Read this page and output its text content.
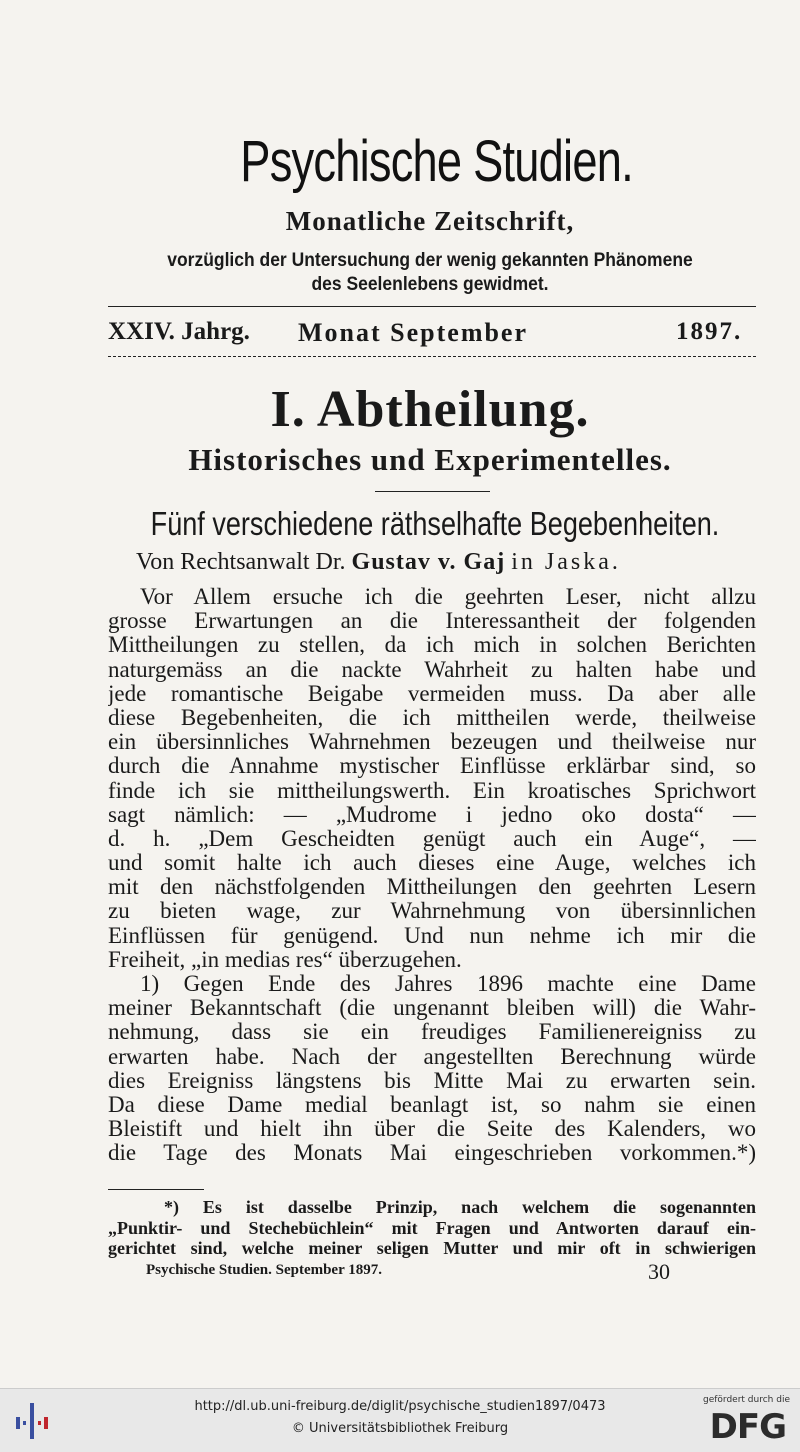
Psychische Studien.
Monatliche Zeitschrift,
vorzüglich der Untersuchung der wenig gekannten Phänomene
des Seelenlebens gewidmet.
XXIV. Jahrg. Monat September	1897.
I. Abtheilung.
Historisches und Experimentelles.
Fünf verschiedene räthselhafte Begebenheiten.
Von Rechtsanwalt Dr. Gustav v. Gaj in Jaska.
Vor Allem ersuche ich die geehrten Leser, nicht allzu
grosse Erwartungen an die Interessantheit der folgenden
Mittheilungen zu stellen, da ich mich in solchen Berichten
naturgemäss an die nackte Wahrheit zu halten habe und
jede romantische Beigabe vermeiden muss. Da aber alle
diese Begebenheiten, die ich mittheilen werde, theilweise
ein übersinnliches Wahrnehmen bezeugen und theilweise nur
durch die Annahme mystischer Einflüsse erklärbar sind, so
finde ich sie mittheilungswerth. Ein kroatisches Sprichwort
sagt nämlich: — „Mudrome i jedno oko dosta“ —
d. h. „Dem Gescheidten genügt auch ein Auge“, —
und somit halte ich auch dieses eine Auge, welches ich
mit den nächstfolgenden Mittheilungen den geehrten Lesern
zu bieten wage, zur Wahrnehmung von übersinnlichen
Einflüssen für genügend. Und nun nehme ich mir die
Freiheit, „in medias res“ überzugehen.
1) Gegen Ende des Jahres 1896 machte eine Dame
meiner Bekanntschaft (die ungenannt bleiben will) die Wahr-
nehmung, dass sie ein freudiges Familienereigniss zu
erwarten habe. Nach der angestellten Berechnung würde
dies Ereigniss längstens bis Mitte Mai zu erwarten sein.
Da diese Dame medial beanlagt ist, so nahm sie einen
Bleistift und hielt ihn über die Seite des Kalenders, wo
die Tage des Monats Mai eingeschrieben vorkommen.*)
*) Es ist dasselbe Prinzip, nach welchem die sogenannten
„Punktir- und Stechebüchlein“ mit Fragen und Antworten darauf ein-
gerichtet sind, welche meiner seligen Mutter und mir oft in schwierigen
Psychische Studien. September 1897.	30
http://dl.ub.uni-freiburg.de/diglit/psychische_studien1897/0473
© Universitätsbibliothek Freiburg
gefördert durch die
DFG
